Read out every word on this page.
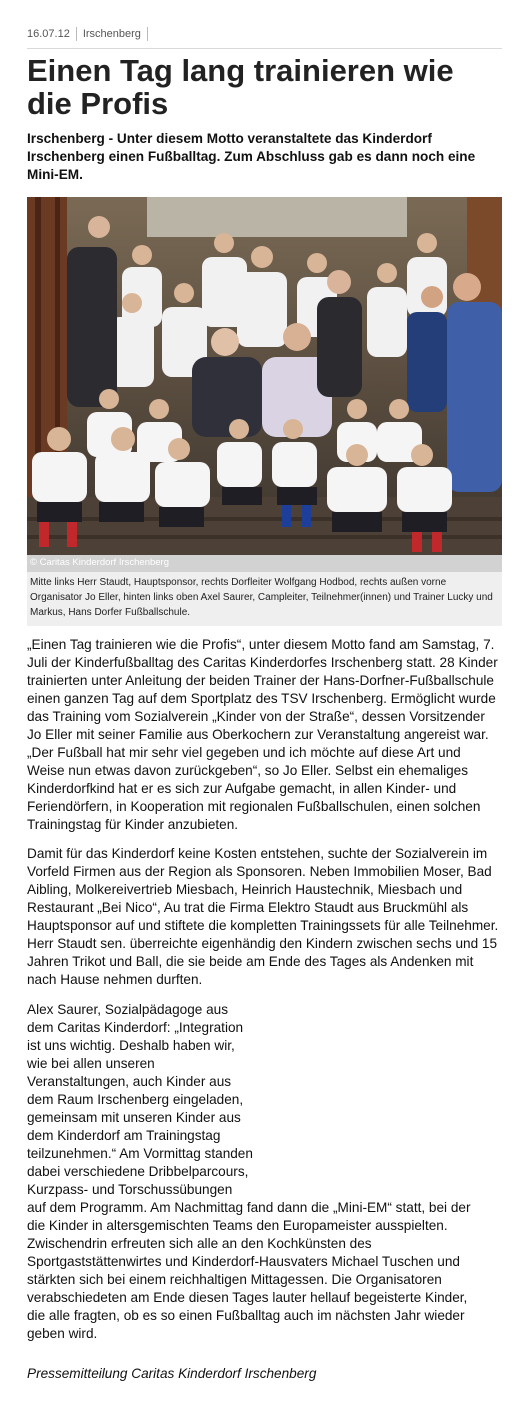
16.07.12	Irschenberg
Einen Tag lang trainieren wie die Profis

Irschenberg - Unter diesem Motto veranstaltete das Kinderdorf Irschenberg einen Fußballtag. Zum Abschluss gab es dann noch eine Mini-EM.

© Caritas Kinderdorf Irschenberg

Mitte links Herr Staudt, Hauptsponsor, rechts Dorfleiter Wolfgang Hodbod, rechts außen vorne Organisator Jo Eller, hinten links oben Axel Saurer, Campleiter, Teilnehmer(innen) und Trainer Lucky und Markus, Hans Dorfer Fußballschule.

„Einen Tag trainieren wie die Profis“, unter diesem Motto fand am Samstag, 7. Juli der Kinderfußballtag des Caritas Kinderdorfes Irschenberg statt. 28 Kinder trainierten unter Anleitung der beiden Trainer der Hans-Dorfner-Fußballschule einen ganzen Tag auf dem Sportplatz des TSV Irschenberg. Ermöglicht wurde das Training vom Sozialverein „Kinder von der Straße“, dessen Vorsitzender Jo Eller mit seiner Familie aus Oberkochern zur Veranstaltung angereist war. „Der Fußball hat mir sehr viel gegeben und ich möchte auf diese Art und Weise nun etwas davon zurückgeben“, so Jo Eller. Selbst ein ehemaliges Kinderdorfkind hat er es sich zur Aufgabe gemacht, in allen Kinder- und Feriendörfern, in Kooperation mit regionalen Fußballschulen, einen solchen Trainingstag für Kinder anzubieten.

Damit für das Kinderdorf keine Kosten entstehen, suchte der Sozialverein im Vorfeld Firmen aus der Region als Sponsoren. Neben Immobilien Moser, Bad Aibling, Molkereivertrieb Miesbach, Heinrich Haustechnik, Miesbach und Restaurant „Bei Nico“, Au trat die Firma Elektro Staudt aus Bruckmühl als Hauptsponsor auf und stiftete die kompletten Trainingssets für alle Teilnehmer. Herr Staudt sen. überreichte eigenhändig den Kindern zwischen sechs und 15 Jahren Trikot und Ball, die sie beide am Ende des Tages als Andenken mit nach Hause nehmen durften.

Alex Saurer, Sozialpädagoge aus
dem Caritas Kinderdorf: „Integration
ist uns wichtig. Deshalb haben wir,
wie bei allen unseren
Veranstaltungen, auch Kinder aus
dem Raum Irschenberg eingeladen,
gemeinsam mit unseren Kinder aus
dem Kinderdorf am Trainingstag
teilzunehmen.“ Am Vormittag standen
dabei verschiedene Dribbelparcours,
Kurzpass- und Torschussübungen
auf dem Programm. Am Nachmittag fand dann die „Mini-EM“ statt, bei der
die Kinder in altersgemischten Teams den Europameister ausspielten.
Zwischendrin erfreuten sich alle an den Kochkünsten des
Sportgaststättenwirtes und Kinderdorf-Hausvaters Michael Tuschen und
stärkten sich bei einem reichhaltigen Mittagessen. Die Organisatoren
verabschiedeten am Ende diesen Tages lauter hellauf begeisterte Kinder,
die alle fragten, ob es so einen Fußballtag auch im nächsten Jahr wieder
geben wird.

Pressemitteilung Caritas Kinderdorf Irschenberg
